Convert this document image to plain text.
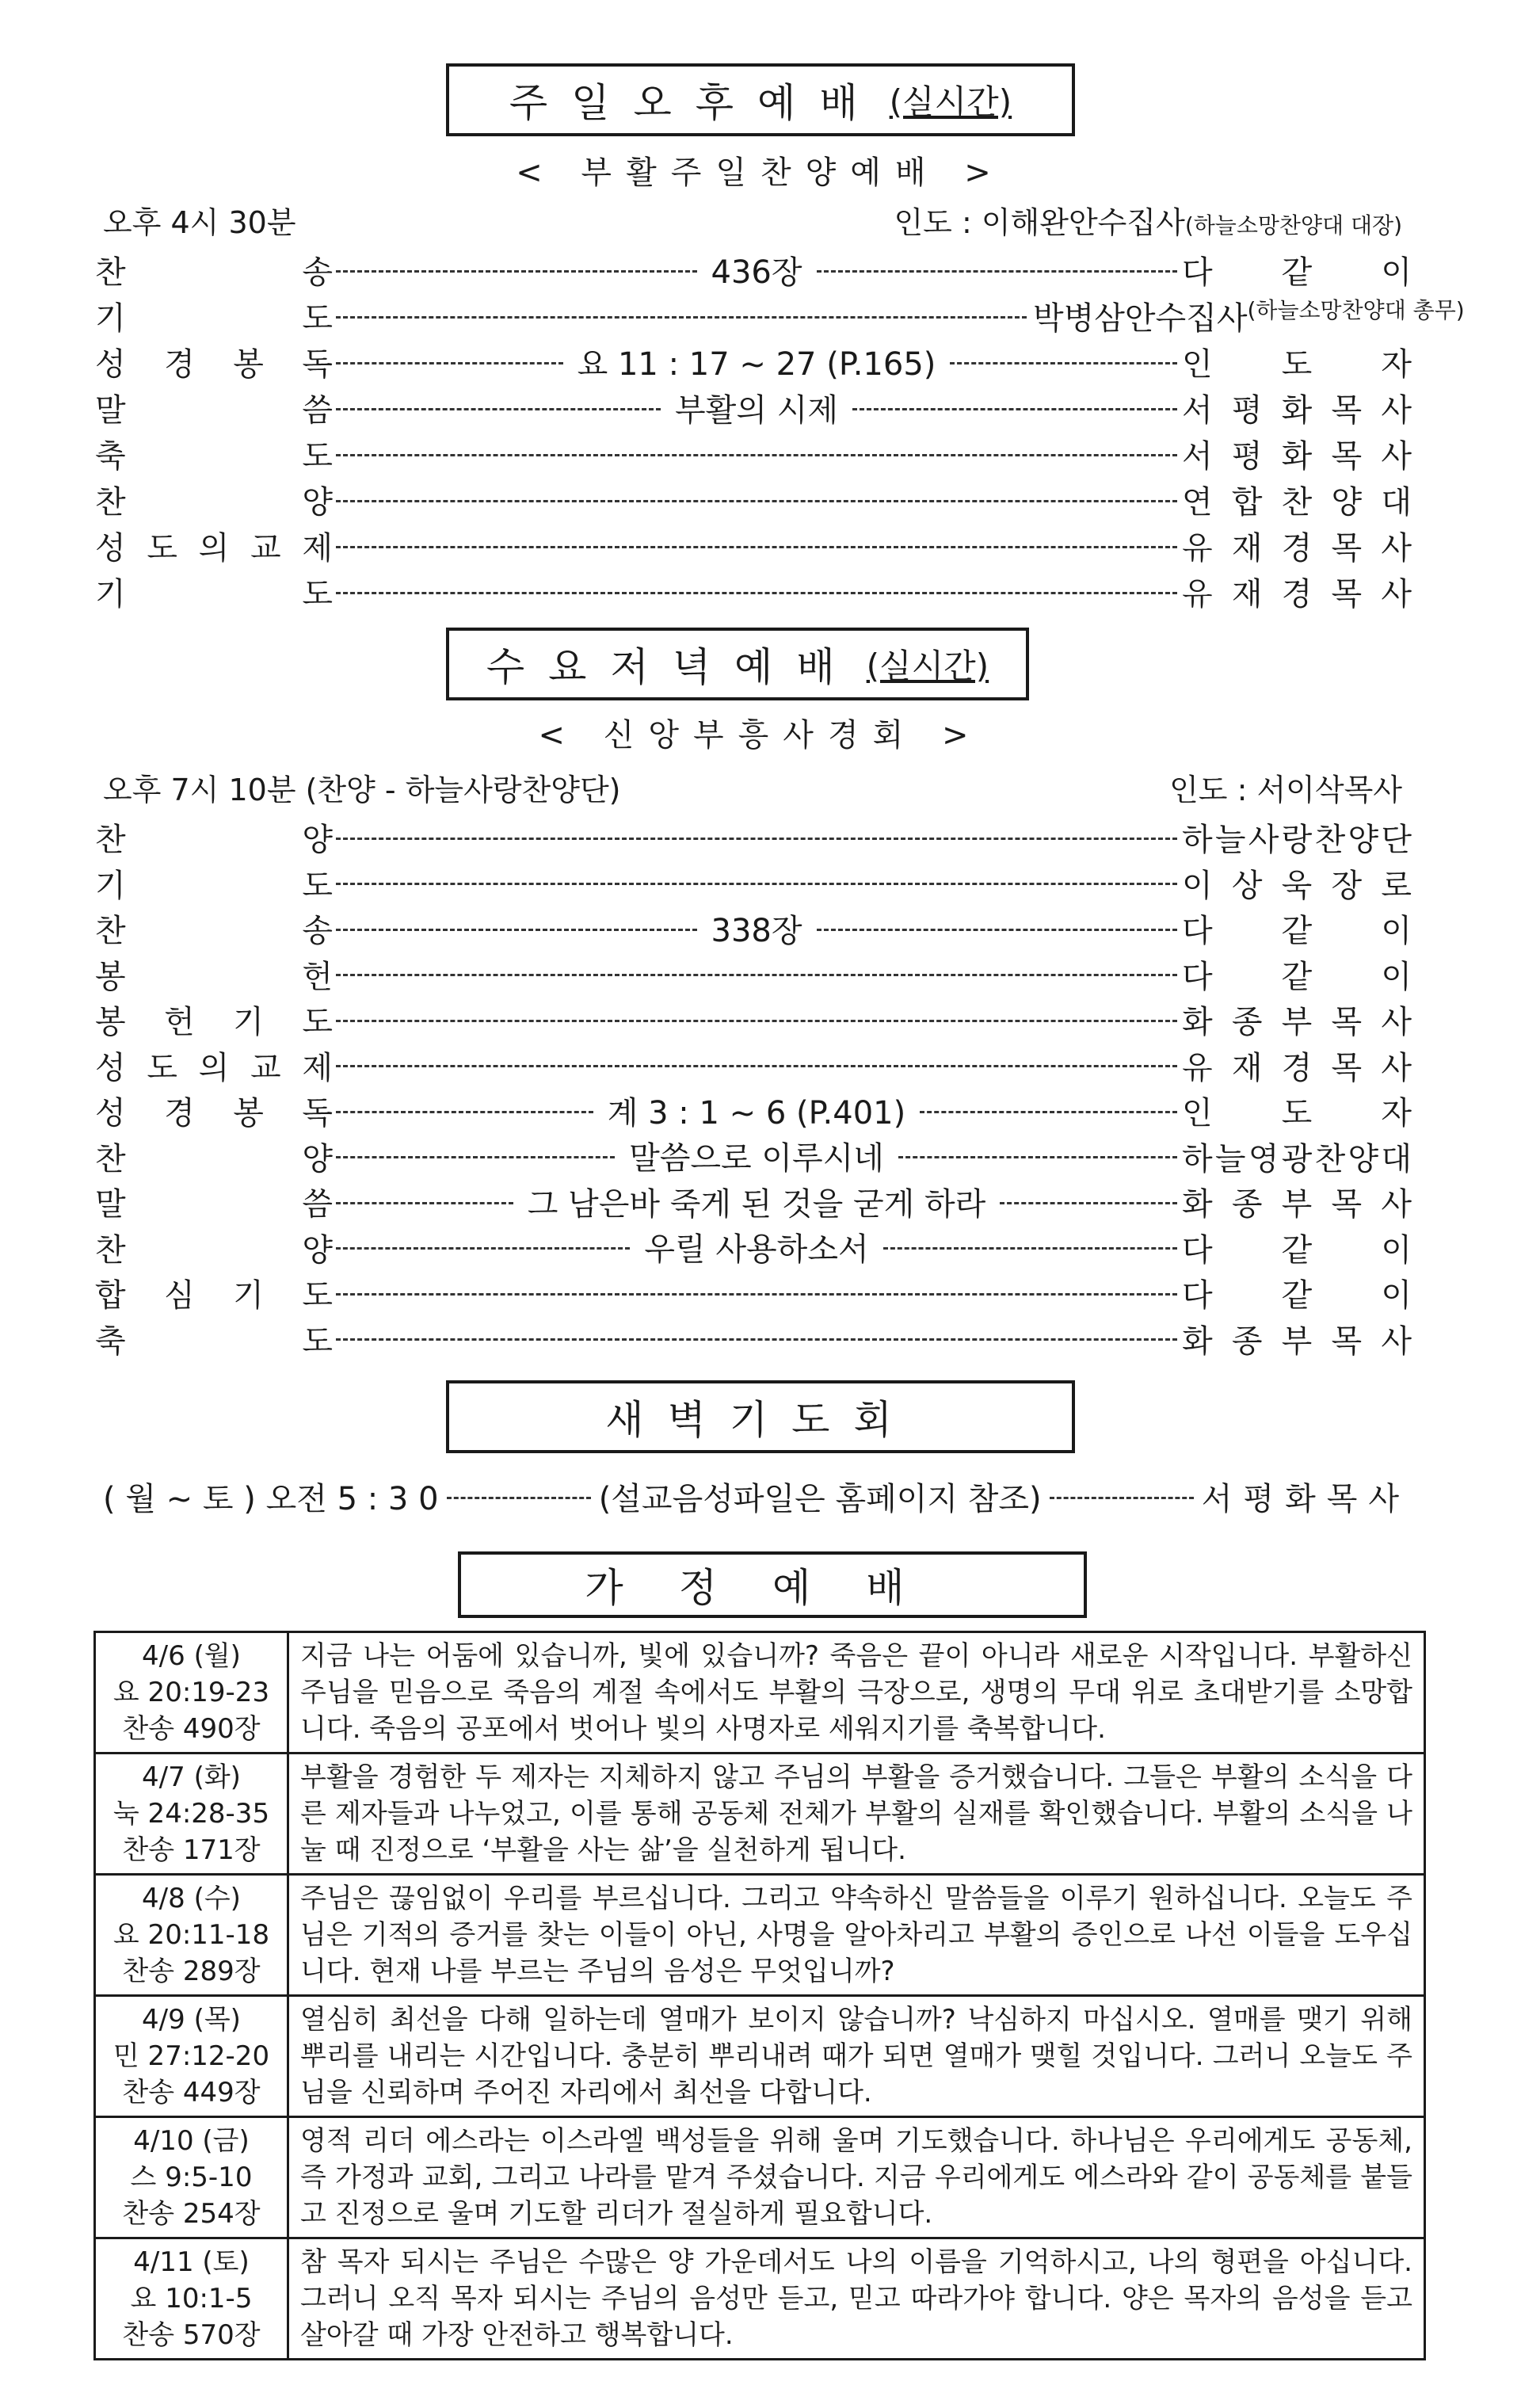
주일오후예배 (실시간)
< 부활주일찬양예배 >
오후 4시 30분	인도 : 이해완안수집사(하늘소망찬양대 대장)
찬	송	436장	다 같 이
기	도	박병삼안수집사 (하늘소망찬양대 총무)
성 경 봉 독	요 11 : 17 ~ 27 (P.165)	인 도 자
말	씀	부활의 시제	서 평 화 목 사
축	도	서 평 화 목 사
찬	양	연 합 찬 양 대
성 도 의 교 제	유 재 경 목 사
기	도	유 재 경 목 사
수요저녁예배 (실시간)
< 신앙부흥사경회 >
오후 7시 10분 (찬양 - 하늘사랑찬양단)	인도 : 서이삭목사
찬	양	하 늘 사 랑 찬 양 단
기	도	이 상 욱 장 로
찬	송	338장	다 같 이
봉	헌	다 같 이
봉 헌 기 도	화 종 부 목 사
성 도 의 교 제	유 재 경 목 사
성 경 봉 독	계 3 : 1 ~ 6 (P.401)	인 도 자
찬	양	말씀으로 이루시네	하 늘 영 광 찬 양 대
말	씀	그 남은바 죽게 된 것을 굳게 하라	화 종 부 목 사
찬	양	우릴 사용하소서	다 같 이
합 심 기 도	다 같 이
축	도	화 종 부 목 사
새벽기도회
( 월 ~ 토 ) 오전 5 : 3 0	(설교음성파일은 홈페이지 참조)	서평화목사
가정예배
4/6 (월)
요 20:19-23
찬송 490장	지금 나는 어둠에 있습니까, 빛에 있습니까? 죽음은 끝이 아니라 새로운 시작입니다. 부활하신 주님을 믿음으로 죽음의 계절 속에서도 부활의 극장으로, 생명의 무대 위로 초대받기를 소망합니다. 죽음의 공포에서 벗어나 빛의 사명자로 세워지기를 축복합니다.

4/7 (화)
눅 24:28-35
찬송 171장	부활을 경험한 두 제자는 지체하지 않고 주님의 부활을 증거했습니다. 그들은 부활의 소식을 다른 제자들과 나누었고, 이를 통해 공동체 전체가 부활의 실재를 확인했습니다. 부활의 소식을 나눌 때 진정으로 ‘부활을 사는 삶’을 실천하게 됩니다.

4/8 (수)
요 20:11-18
찬송 289장	주님은 끊임없이 우리를 부르십니다. 그리고 약속하신 말씀들을 이루기 원하십니다. 오늘도 주님은 기적의 증거를 찾는 이들이 아닌, 사명을 알아차리고 부활의 증인으로 나선 이들을 도우십니다. 현재 나를 부르는 주님의 음성은 무엇입니까?

4/9 (목)
민 27:12-20
찬송 449장	열심히 최선을 다해 일하는데 열매가 보이지 않습니까? 낙심하지 마십시오. 열매를 맺기 위해 뿌리를 내리는 시간입니다. 충분히 뿌리내려 때가 되면 열매가 맺힐 것입니다. 그러니 오늘도 주님을 신뢰하며 주어진 자리에서 최선을 다합니다.

4/10 (금)
스 9:5-10
찬송 254장	영적 리더 에스라는 이스라엘 백성들을 위해 울며 기도했습니다. 하나님은 우리에게도 공동체, 즉 가정과 교회, 그리고 나라를 맡겨 주셨습니다. 지금 우리에게도 에스라와 같이 공동체를 붙들고 진정으로 울며 기도할 리더가 절실하게 필요합니다.

4/11 (토)
요 10:1-5
찬송 570장	참 목자 되시는 주님은 수많은 양 가운데서도 나의 이름을 기억하시고, 나의 형편을 아십니다. 그러니 오직 목자 되시는 주님의 음성만 듣고, 믿고 따라가야 합니다. 양은 목자의 음성을 듣고 살아갈 때 가장 안전하고 행복합니다.
